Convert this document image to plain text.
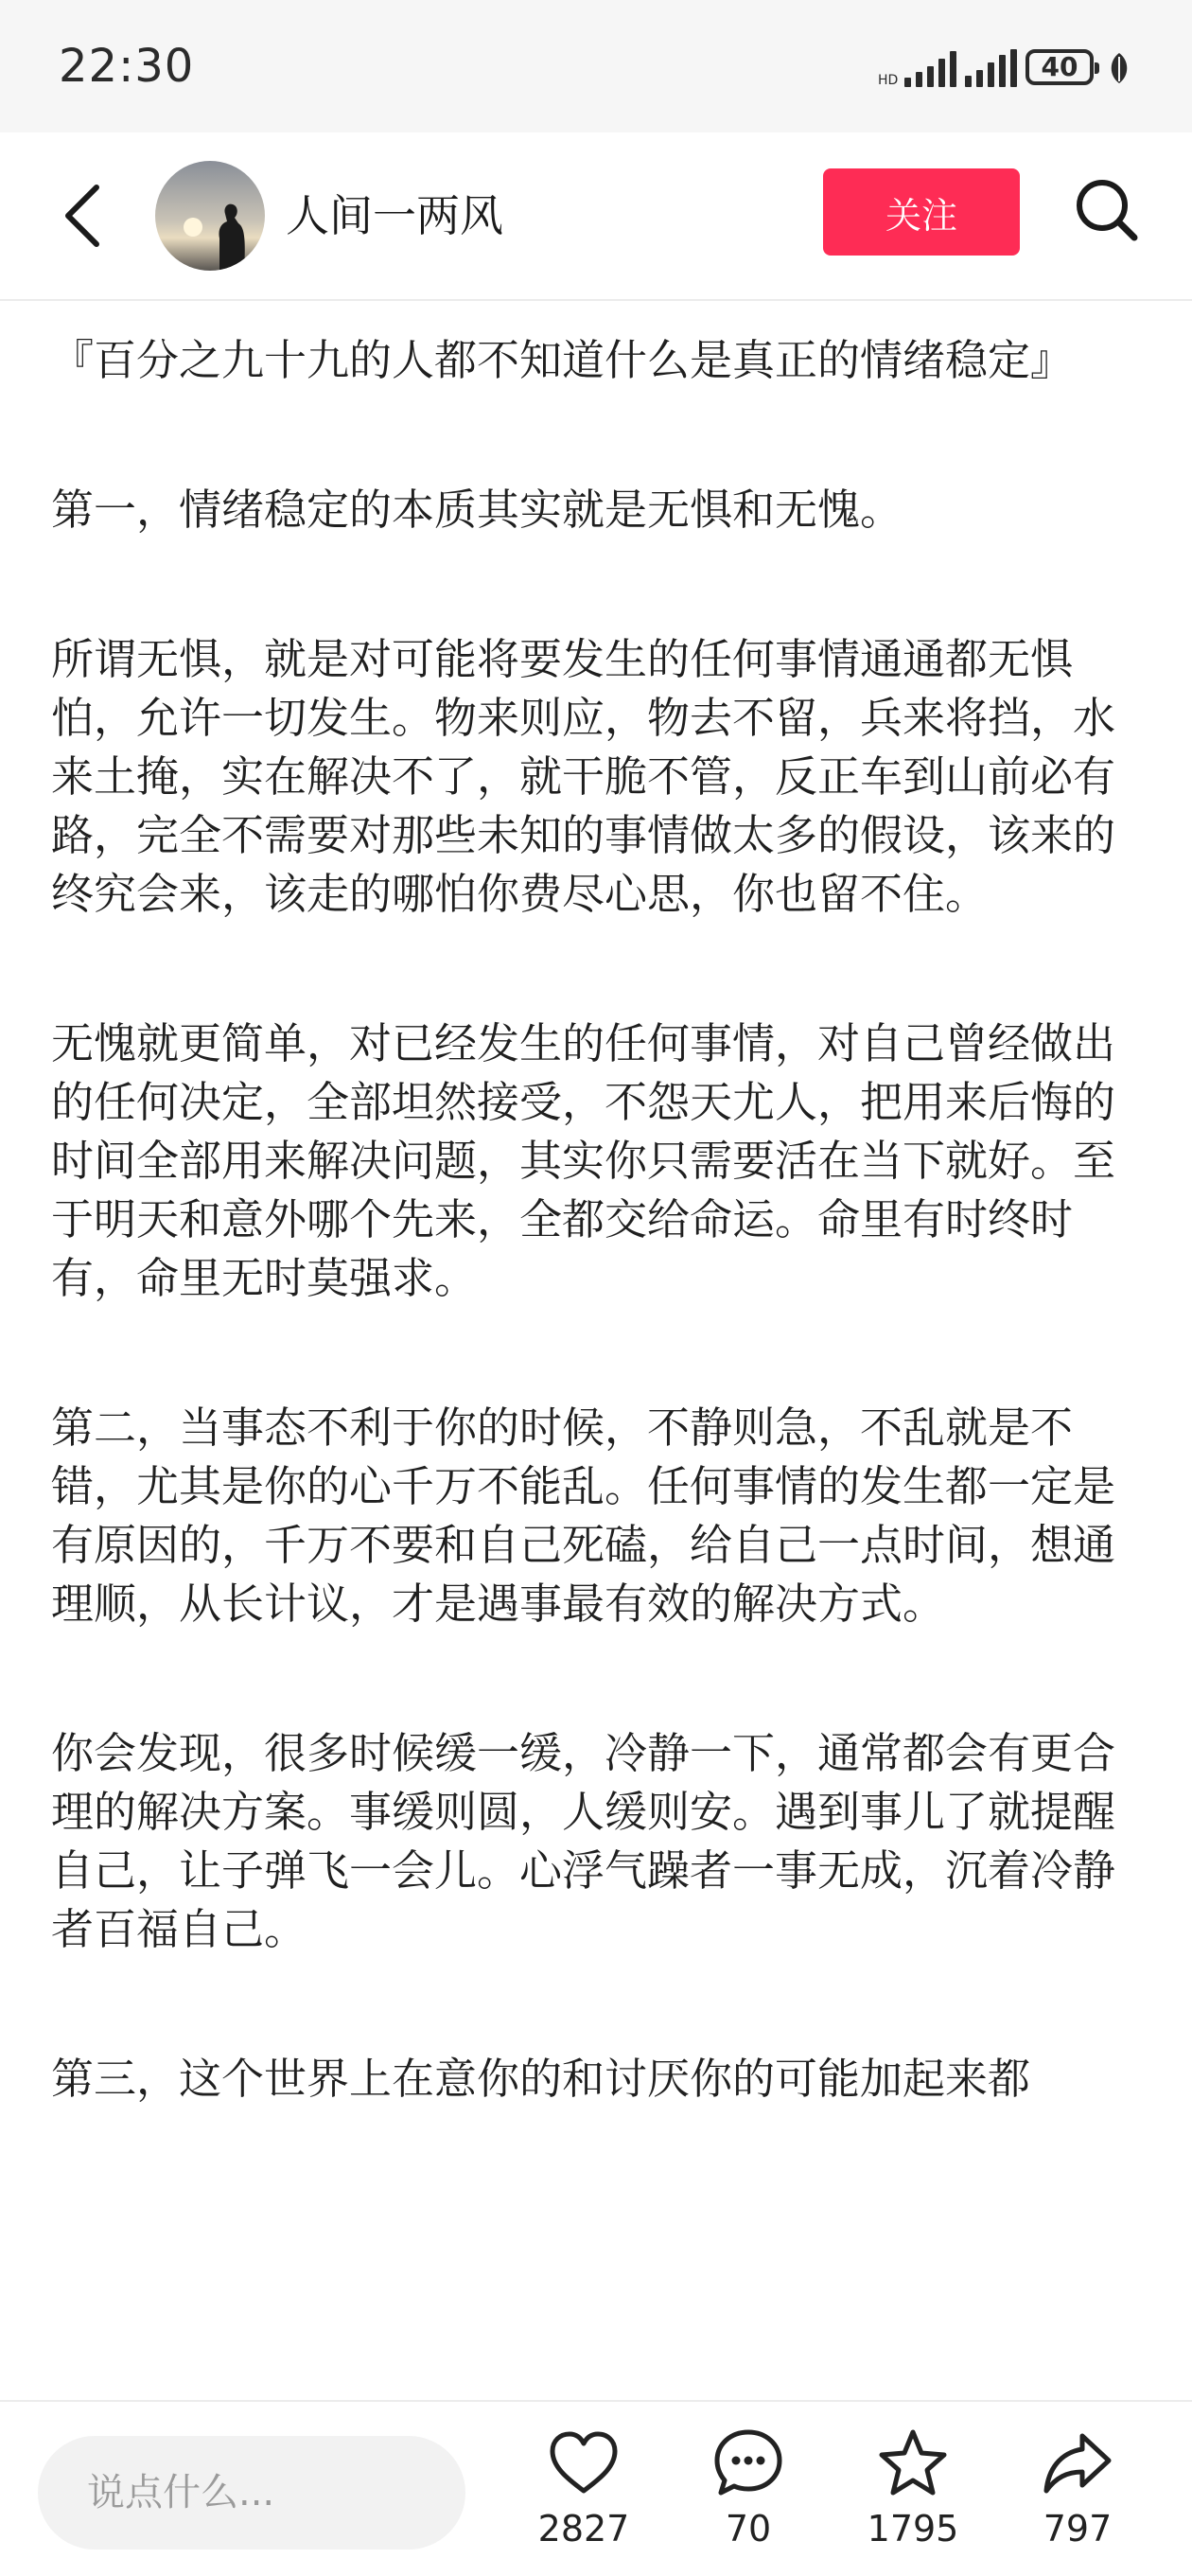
22:30	HD	40
人间一两风	关注

『百分之九十九的人都不知道什么是真正的情绪稳定』

第一，情绪稳定的本质其实就是无惧和无愧。

所谓无惧，就是对可能将要发生的任何事情通通都无惧怕，允许一切发生。物来则应，物去不留，兵来将挡，水来土掩，实在解决不了，就干脆不管，反正车到山前必有路，完全不需要对那些未知的事情做太多的假设，该来的终究会来，该走的哪怕你费尽心思，你也留不住。

无愧就更简单，对已经发生的任何事情，对自己曾经做出的任何决定，全部坦然接受，不怨天尤人，把用来后悔的时间全部用来解决问题，其实你只需要活在当下就好。至于明天和意外哪个先来，全都交给命运。命里有时终时有，命里无时莫强求。

第二，当事态不利于你的时候，不静则急，不乱就是不错，尤其是你的心千万不能乱。任何事情的发生都一定是有原因的，千万不要和自己死磕，给自己一点时间，想通理顺，从长计议，才是遇事最有效的解决方式。

你会发现，很多时候缓一缓，冷静一下，通常都会有更合理的解决方案。事缓则圆，人缓则安。遇到事儿了就提醒自己，让子弹飞一会儿。心浮气躁者一事无成，沉着冷静者百福自己。

第三，这个世界上在意你的和讨厌你的可能加起来都

说点什么...
2827	70	1795 797
